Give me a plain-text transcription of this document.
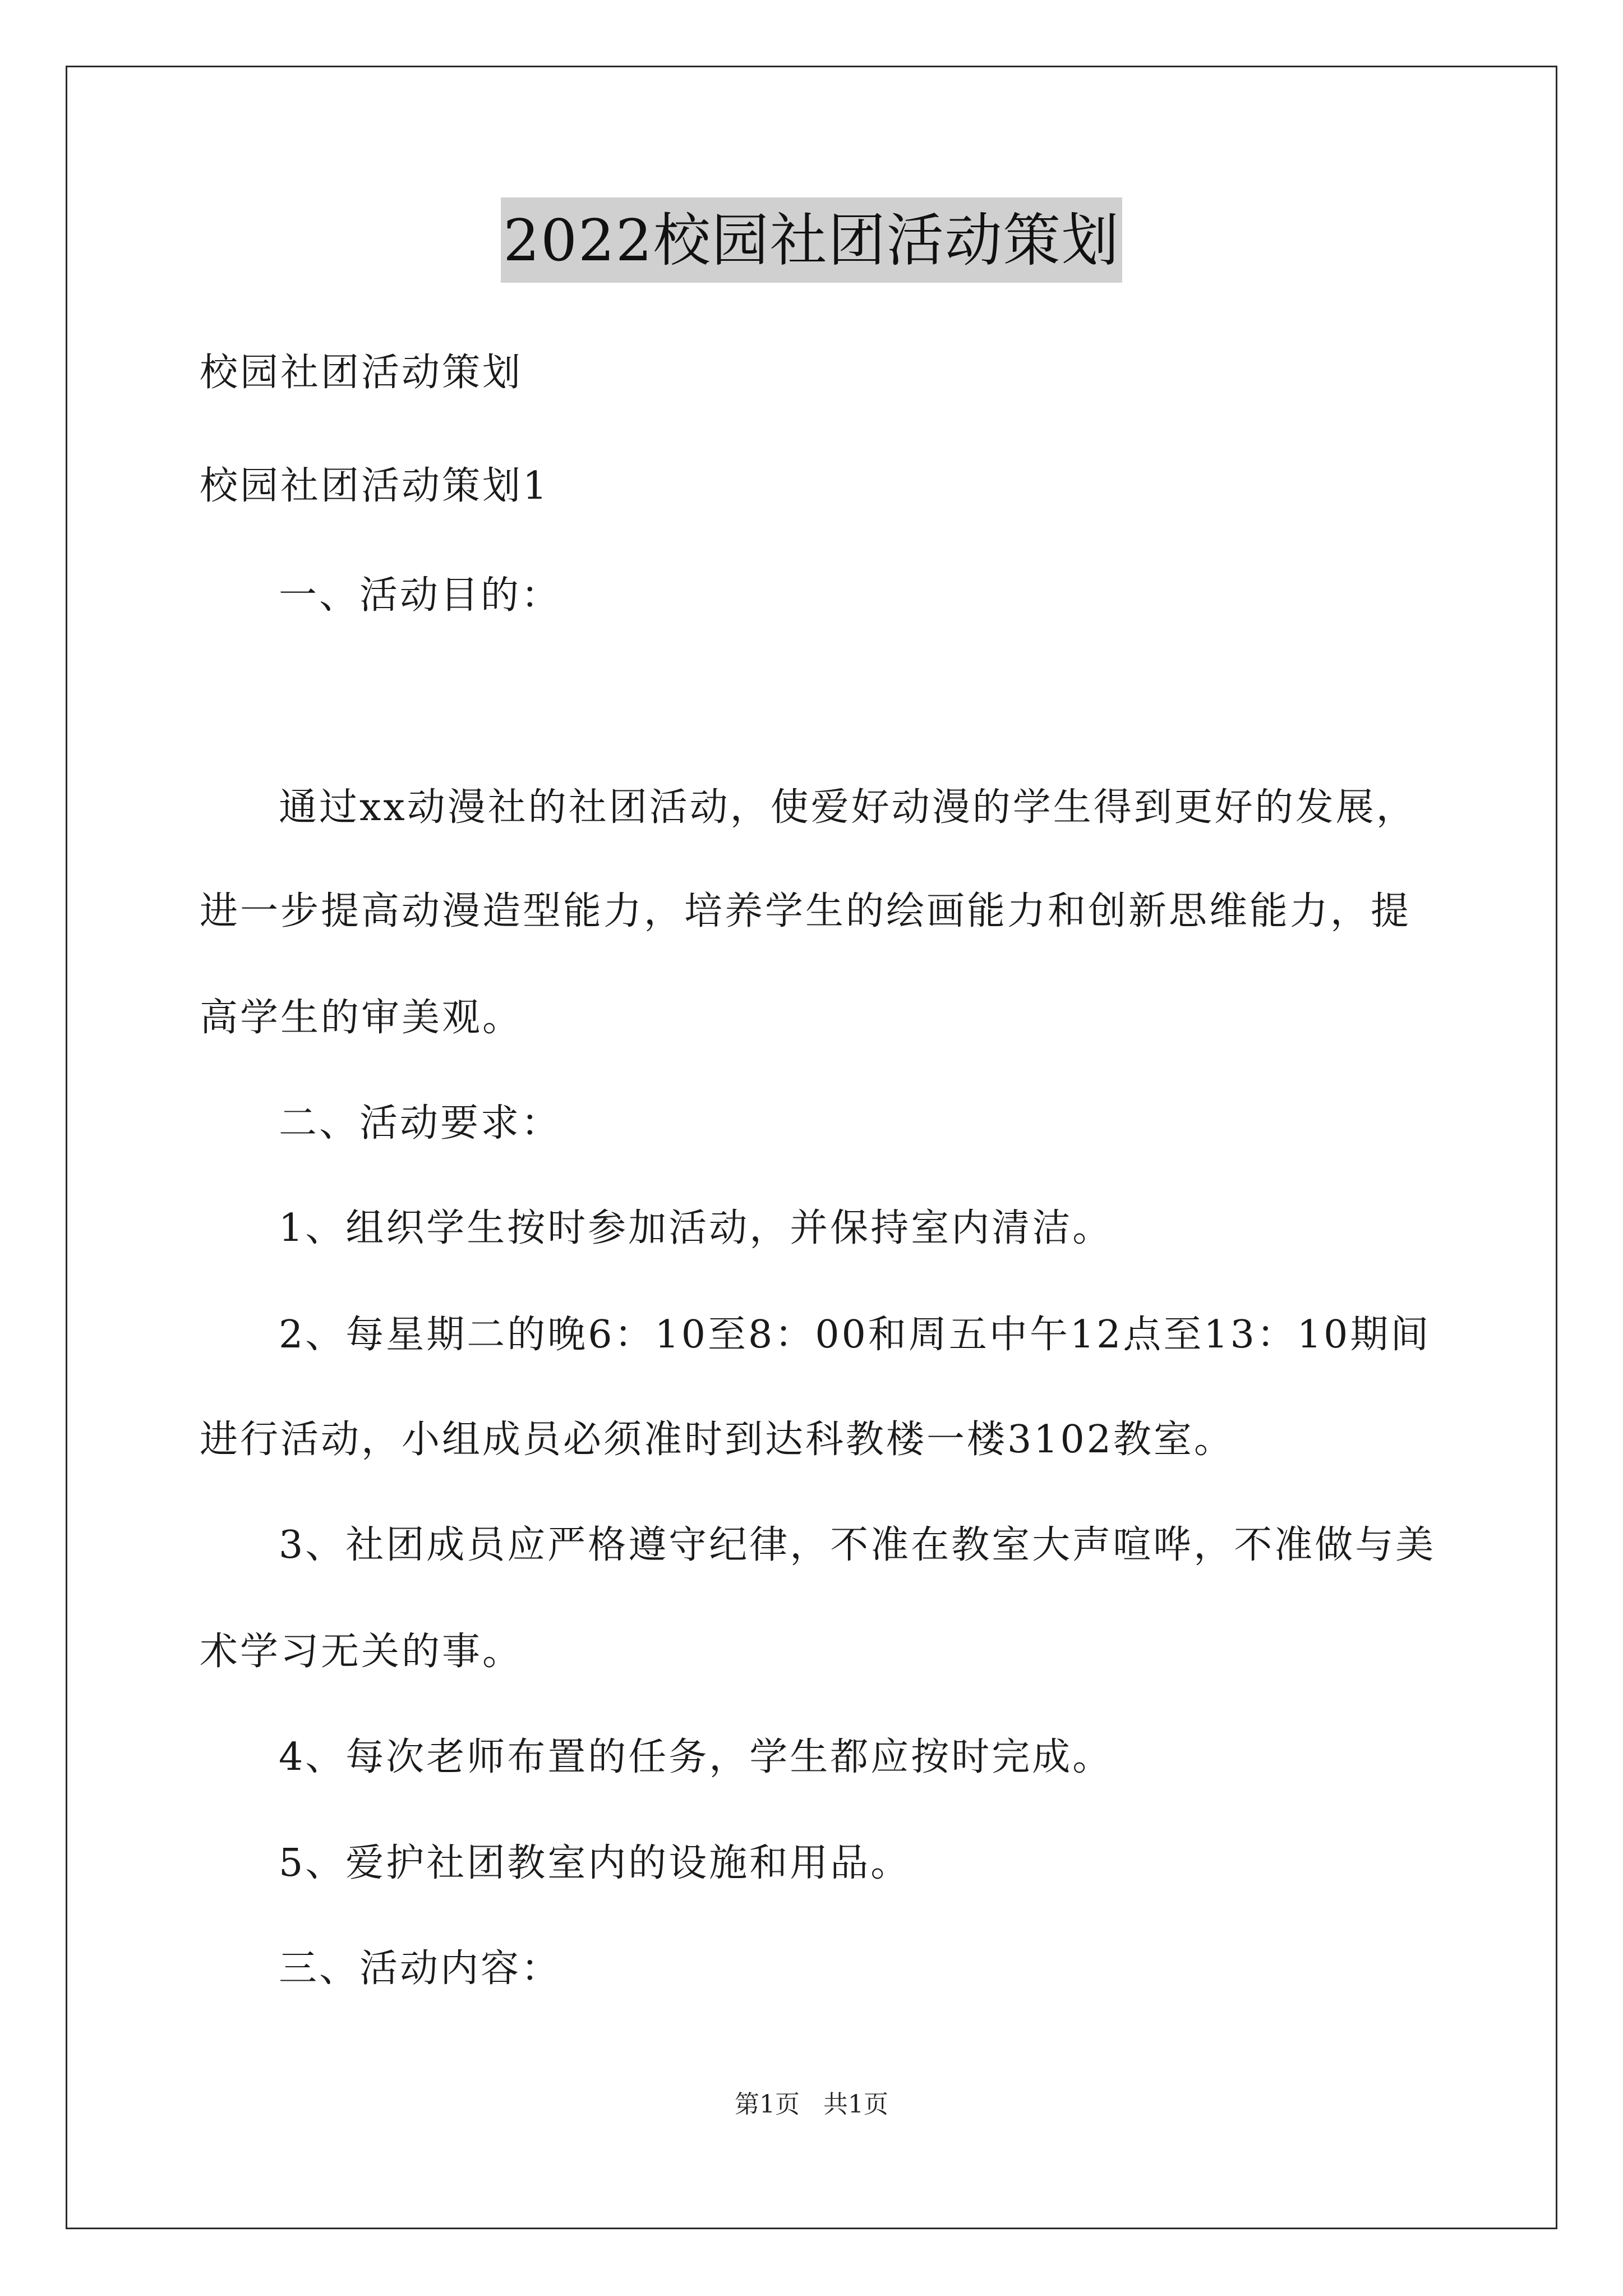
2022校园社团活动策划
校园社团活动策划
校园社团活动策划1
一、活动目的：
通过xx动漫社的社团活动，使爱好动漫的学生得到更好的发展，
进一步提高动漫造型能力，培养学生的绘画能力和创新思维能力，提
高学生的审美观。
二、活动要求：
1、组织学生按时参加活动，并保持室内清洁。
2、每星期二的晚6：10至8：00和周五中午12点至13：10期间
进行活动，小组成员必须准时到达科教楼一楼3102教室。
3、社团成员应严格遵守纪律，不准在教室大声喧哗，不准做与美
术学习无关的事。
4、每次老师布置的任务，学生都应按时完成。
5、爱护社团教室内的设施和用品。
三、活动内容：
第1页 共1页
